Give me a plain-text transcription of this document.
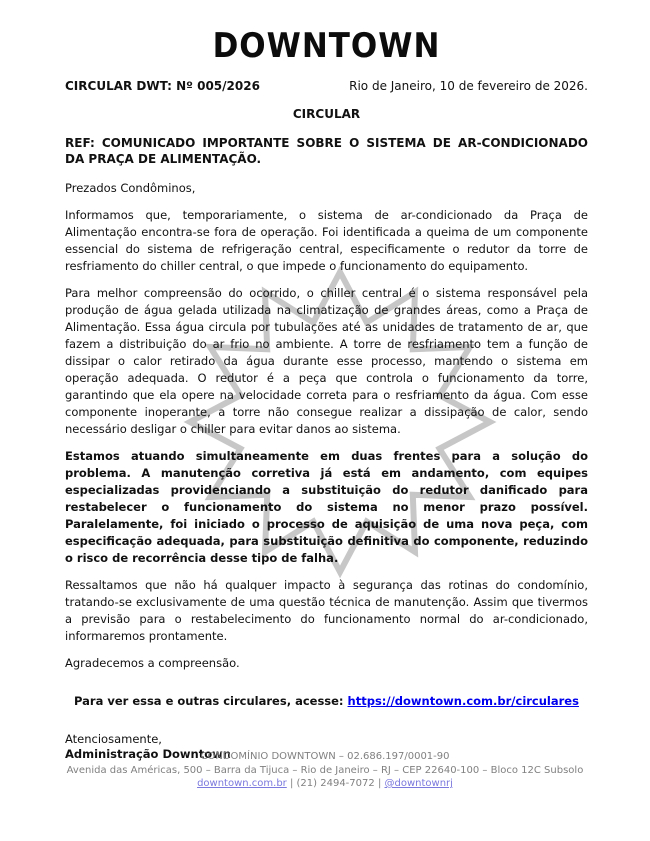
DOWNTOWN
CIRCULAR DWT: Nº 005/2026	Rio de Janeiro, 10 de fevereiro de 2026.
CIRCULAR

REF: COMUNICADO IMPORTANTE SOBRE O SISTEMA DE AR-CONDICIONADO DA PRAÇA DE ALIMENTAÇÃO.

Prezados Condôminos,

Informamos que, temporariamente, o sistema de ar-condicionado da Praça de Alimentação encontra-se fora de operação. Foi identificada a queima de um componente essencial do sistema de refrigeração central, especificamente o redutor da torre de resfriamento do chiller central, o que impede o funcionamento do equipamento.

Para melhor compreensão do ocorrido, o chiller central é o sistema responsável pela produção de água gelada utilizada na climatização de grandes áreas, como a Praça de Alimentação. Essa água circula por tubulações até as unidades de tratamento de ar, que fazem a distribuição do ar frio no ambiente. A torre de resfriamento tem a função de dissipar o calor retirado da água durante esse processo, mantendo o sistema em operação adequada. O redutor é a peça que controla o funcionamento da torre, garantindo que ela opere na velocidade correta para o resfriamento da água. Com esse componente inoperante, a torre não consegue realizar a dissipação de calor, sendo necessário desligar o chiller para evitar danos ao sistema.

Estamos atuando simultaneamente em duas frentes para a solução do problema. A manutenção corretiva já está em andamento, com equipes especializadas providenciando a substituição do redutor danificado para restabelecer o funcionamento do sistema no menor prazo possível. Paralelamente, foi iniciado o processo de aquisição de uma nova peça, com especificação adequada, para substituição definitiva do componente, reduzindo o risco de recorrência desse tipo de falha.

Ressaltamos que não há qualquer impacto à segurança das rotinas do condomínio, tratando-se exclusivamente de uma questão técnica de manutenção. Assim que tivermos a previsão para o restabelecimento do funcionamento normal do ar-condicionado, informaremos prontamente.

Agradecemos a compreensão.

Para ver essa e outras circulares, acesse: https://downtown.com.br/circulares

Atenciosamente,
Administração Downtown

CONDOMÍNIO DOWNTOWN – 02.686.197/0001-90
Avenida das Américas, 500 – Barra da Tijuca – Rio de Janeiro – RJ – CEP 22640-100 – Bloco 12C Subsolo
downtown.com.br | (21) 2494-7072 | @downtownrj
